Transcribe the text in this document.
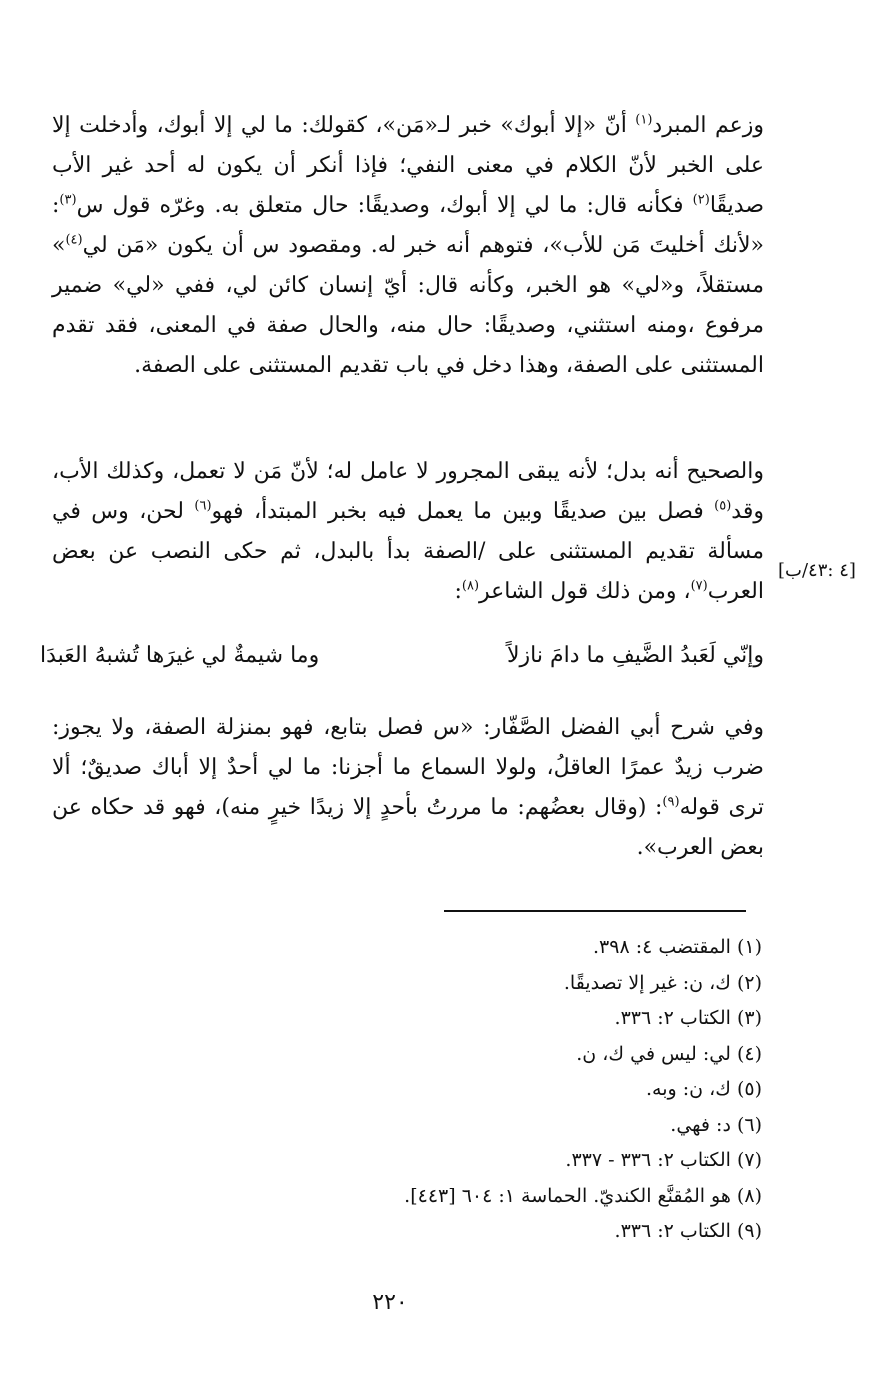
وزعم المبرد$^{(١)}$ أنّ «إلا أبوك» خبر لـ«مَن»، كقولك: ما لي إلا أبوك، وأدخلت إلا على الخبر لأنّ الكلام في معنى النفي؛ فإذا أنكر أن يكون له أحد غير الأب صديقًا$^{(٢)}$ فكأنه قال: ما لي إلا أبوك، وصديقًا: حال متعلق به. وغرّه قول س$^{(٣)}$: «لأنك أخليتَ مَن للأب»، فتوهم أنه خبر له. ومقصود س أن يكون «مَن لي$^{(٤)}$» مستقلاً، و«لي» هو الخبر، وكأنه قال: أيّ إنسان كائن لي، ففي «لي» ضمير مرفوع ،ومنه استثني، وصديقًا: حال منه، والحال صفة في المعنى، فقد تقدم المستثنى على الصفة، وهذا دخل في باب تقديم المستثنى على الصفة.

والصحيح أنه بدل؛ لأنه يبقى المجرور لا عامل له؛ لأنّ مَن لا تعمل، وكذلك الأب، وقد$^{(٥)}$ فصل بين صديقًا وبين ما يعمل فيه بخبر المبتدأ، فهو$^{(٦)}$ لحن، وس في مسألة تقديم المستثنى على /الصفة بدأ بالبدل، ثم حكى النصب عن بعض العرب$^{(٧)}$، ومن ذلك قول الشاعر$^{(٨)}$:

[٤ :٤٣/ب]
وإنّي لَعَبدُ الضَّيفِ ما دامَ نازلاً
وما شيمةٌ لي غيرَها تُشبهُ العَبدَا

وفي شرح أبي الفضل الصَّفّار: «س فصل بتابع، فهو بمنزلة الصفة، ولا يجوز: ضرب زيدٌ عمرًا العاقلُ، ولولا السماع ما أجزنا: ما لي أحدٌ إلا أباك صديقٌ؛ ألا ترى قوله$^{(٩)}$: (وقال بعضُهم: ما مررتُ بأحدٍ إلا زيدًا خيرٍ منه)، فهو قد حكاه عن بعض العرب».

(١) المقتضب ٤: ٣٩٨.
(٢) ك، ن: غير إلا تصديقًا.
(٣) الكتاب ٢: ٣٣٦.
(٤) لي: ليس في ك، ن.
(٥) ك، ن: وبه.
(٦) د: فهي.
(٧) الكتاب ٢: ٣٣٦ - ٣٣٧.
(٨) هو المُقنَّع الكنديّ. الحماسة ١: ٦٠٤ [٤٤٣].
(٩) الكتاب ٢: ٣٣٦.
٢٢٠
